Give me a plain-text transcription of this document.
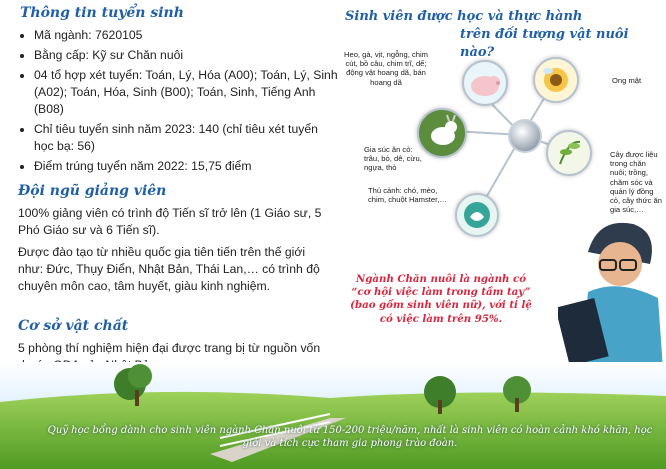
Thông tin tuyển sinh
• Mã ngành: 7620105
• Bằng cấp: Kỹ sư Chăn nuôi
• 04 tổ hợp xét tuyển: Toán, Lý, Hóa (A00); Toán, Lý, Sinh (A02); Toán, Hóa, Sinh (B00); Toán, Sinh, Tiếng Anh (B08)
• Chỉ tiêu tuyển sinh năm 2023: 140 (chỉ tiêu xét tuyển học bạ: 56)
• Điểm trúng tuyển năm 2022: 15,75 điểm
Đội ngũ giảng viên
100% giảng viên có trình độ Tiến sĩ trở lên (1 Giáo sư, 5 Phó Giáo sư và 6 Tiến sĩ).
Được đào tạo từ nhiều quốc gia tiên tiến trên thế giới như: Đức, Thụy Điển, Nhật Bản, Thái Lan,… có trình độ chuyên môn cao, tâm huyết, giàu kinh nghiệm.
Cơ sở vật chất
5 phòng thí nghiệm hiện đại được trang bị từ nguồn vốn
Sinh viên được học và thực hành
trên đối tượng vật nuôi nào?
Heo, gà, vịt, ngỗng, chim cút, bồ câu, chim trĩ, dế; động vật hoang dã, bán hoang dã	Ong mật
Gia súc ăn cỏ: trâu, bò, dê, cừu, ngựa, thỏ
Thú cảnh: chó, mèo, chim, chuột Hamster,…
Cây được liệu trong chăn nuôi; trồng, chăm sóc và quản lý đồng cỏ, cây thức ăn gia súc,…
Ngành Chăn nuôi là ngành có “cơ hội việc làm trong tầm tay” (bao gồm sinh viên nữ), với tỉ lệ có việc làm trên 95%.
Quỹ học bổng dành cho sinh viên ngành Chăn nuôi từ 150-200 triệu/năm, nhất là sinh viên có hoàn cảnh khó khăn, học giỏi và tích cực tham gia phong trào đoàn.
